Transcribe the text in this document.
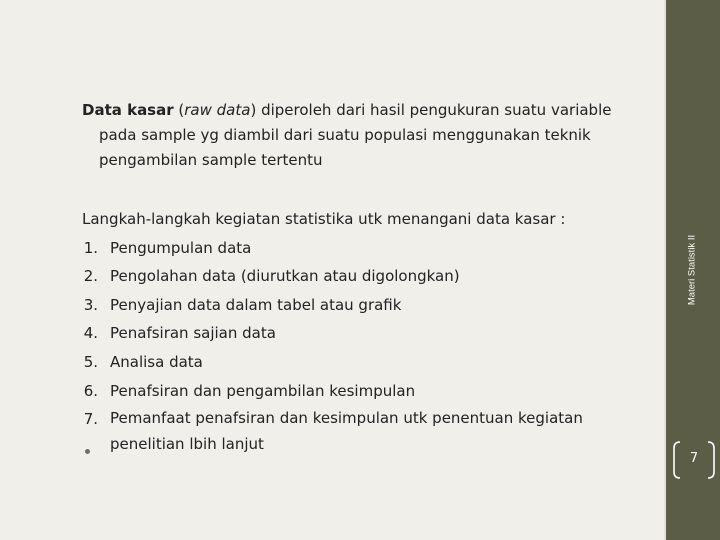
Materi Statistik II
7
Data kasar (raw data) diperoleh dari hasil pengukuran suatu variable pada sample yg diambil dari suatu populasi menggunakan teknik pengambilan sample tertentu

Langkah-langkah kegiatan statistika utk menangani data kasar :

1. Pengumpulan data
2. Pengolahan data (diurutkan atau digolongkan)
3. Penyajian data dalam tabel atau grafik
4. Penafsiran sajian data
5. Analisa data
6. Penafsiran dan pengambilan kesimpulan
7. Pemanfaat penafsiran dan kesimpulan utk penentuan kegiatan penelitian lbih lanjut
